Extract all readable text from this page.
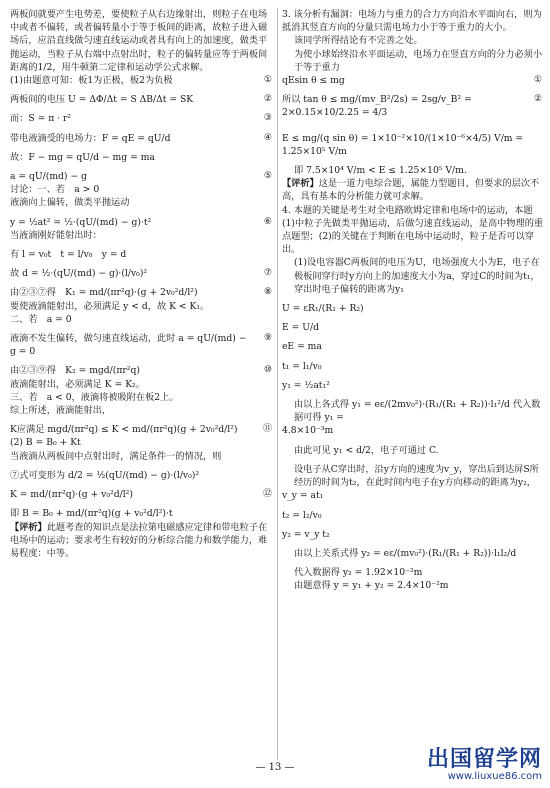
两板间就要产生电势差，要使粒子从右边缘射出，则粒子在电场中或者不偏转，或者偏转量小于等于板间的距离，故粒子进入磁场后，应沿直线做匀速直线运动或者具有向上的加速度，做类平抛运动，当粒子从右端中点射出时，粒子的偏转量应等于两板间距离的1/2，用牛顿第二定律和运动学公式求解。

(1)由题意可知：板1为正极，板2为负极	①

两板间的电压 U = ΔΦ/Δt = S ΔB/Δt = SK	②

而：S = π · r²	③

带电液滴受的电场力：F = qE = qU/d	④

故：F − mg = qU/d − mg = ma

a = qU/(md) − g	⑤

讨论：一、若　a > 0

液滴向上偏转，做类平抛运动

y = ½at² = ½·(qU/(md) − g)·t²	⑥

当液滴刚好能射出时：

有 l = v₀t　t = l/v₀　y = d

故 d = ½·(qU/(md) − g)·(l/v₀)²	⑦

由②③⑦得　K₁ = md/(πr²q)·(g + 2v₀²d/l²)	⑧

要使液滴能射出，必须满足 y < d，故 K < K₁。

二、若　a = 0

液滴不发生偏转，做匀速直线运动，此时 a = qU/(md) − g = 0
⑨

由②③⑨得　K₂ = mgd/(πr²q)	⑩

液滴能射出，必须满足 K = K₂。

三、若　a < 0，液滴将被吸附在板2上。

综上所述，液滴能射出，

K应满足 mgd/(πr²q) ≤ K < md/(πr²q)(g + 2v₀²d/l²)	⑪

(2) B = B₀ + Kt

当液滴从两板间中点射出时，满足条件一的情况，则

⑦式可变形为 d/2 = ½(qU/(md) − g)·(l/v₀)²

K = md/(πr²q)·(g + v₀²d/l²)	⑫

即 B = B₀ + md/(πr²q)(g + v₀²d/l²)·t

【评析】此题考查的知识点是法拉第电磁感应定律和带电粒子在电场中的运动；要求考生有较好的分析综合能力和数学能力，难易程度：中等。

3. 该分析有漏洞：电场力与重力的合力方向沿水平面向右，则为抵消其竖直方向的分量只需电场力小于等于重力的大小。

该同学所得结论有不完善之处。

为使小球始终沿水平面运动，电场力在竖直方向的分力必须小于等于重力

qEsin θ ≤ mg	①

所以 tan θ ≤ mg/(mv_B²/2s) = 2sg/v_B² = 2×0.15×10/2.25 = 4/3
②

E ≤ mg/(q sin θ) = 1×10⁻²×10/(1×10⁻⁶×4/5) V/m = 1.25×10⁵ V/m

即 7.5×10⁴ V/m < E ≤ 1.25×10⁵ V/m.

【评析】这是一道力电综合题，属能力型题目，但要求的层次不高，具有基本的分析能力就可求解。

4. 本题的关键是考生对全电路欧姆定律和电场中的运动，本题(1)中粒子先做类平抛运动，后做匀速直线运动，是高中物理的重点题型；(2)的关键在于判断在电场中运动时，粒子是否可以穿出。

(1)设电容器C两板间的电压为U，电场强度大小为E，电子在极板间穿行时y方向上的加速度大小为a，穿过C的时间为t₁，穿出时电子偏转的距离为y₁

U = εR₁/(R₁ + R₂)

E = U/d

eE = ma

t₁ = l₁/v₀

y₁ = ½at₁²

由以上各式得 y₁ = eε/(2mv₀²)·(R₁/(R₁ + R₂))·l₁²/d 代入数据可得 y₁ =

4.8×10⁻³m

由此可见 y₁ < d/2，电子可通过 C.

设电子从C穿出时，沿y方向的速度为v_y，穿出后到达屏S所经历的时间为t₂，在此时间内电子在y方向移动的距离为y₂，

v_y = at₁

t₂ = l₂/v₀

y₂ = v_y t₂

由以上关系式得 y₂ = eε/(mv₀²)·(R₁/(R₁ + R₂))·l₁l₂/d

代入数据得 y₂ = 1.92×10⁻²m

由题意得 y = y₁ + y₂ = 2.4×10⁻²m

— 13 —	出国留学网
www.liuxue86.com
